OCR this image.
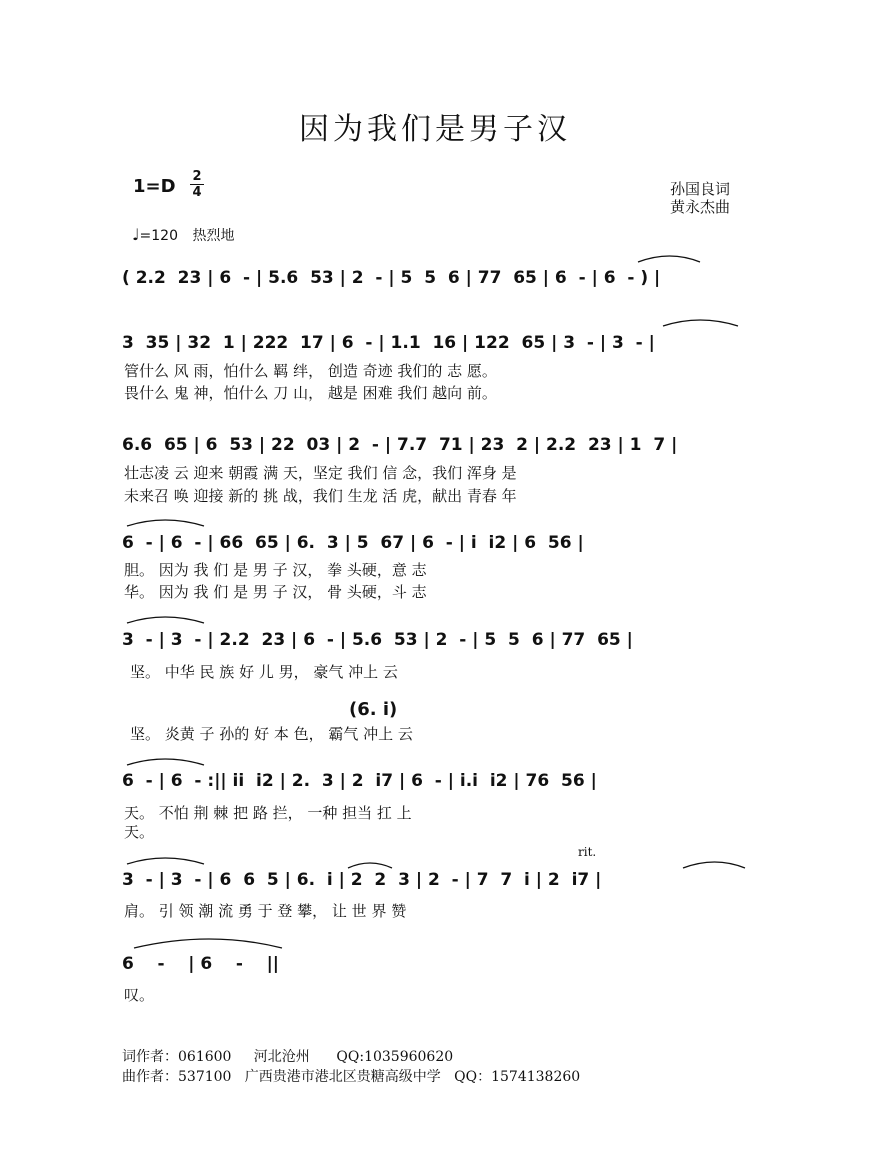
因为我们是男子汉
1=D 2
4	孙国良词
黄永杰曲
♩=120 热烈地
( 2.2  23 | 6  - | 5.6  53 | 2  - | 5  5  6 | 77  65 | 6  - | 6  - ) |
3  35 | 32  1 | 222  17 | 6  - | 1.1  16 | 122  65 | 3  - | 3  - |
管什么 风 雨，怕什么 羁 绊， 创造 奇迹 我们的 志 愿。
畏什么 鬼 神，怕什么 刀 山， 越是 困难 我们 越向 前。
6.6  65 | 6  53 | 22  03 | 2  - | 7.7  71 | 23  2 | 2.2  23 | 1  7 |
壮志凌 云 迎来 朝霞 满 天，坚定 我们 信 念，我们 浑身 是
未来召 唤 迎接 新的 挑 战，我们 生龙 活 虎，献出 青春 年
6  - | 6  - | 66  65 | 6.  3 | 5  67 | 6  - | i  i2 | 6  56 |
胆。 因为 我 们 是 男 子 汉， 拳 头硬，意 志
华。 因为 我 们 是 男 子 汉， 骨 头硬，斗 志
3  - | 3  - | 2.2  23 | 6  - | 5.6  53 | 2  - | 5  5  6 | 77  65 |
坚。 中华 民 族 好 儿 男， 豪气 冲上 云
(6. i)
坚。 炎黄 子 孙的 好 本 色， 霸气 冲上 云
6  - | 6  - :|| ii  i2 | 2.  3 | 2  i7 | 6  - | i.i  i2 | 76  56 |
天。 不怕 荆 棘 把 路 拦， 一种 担当 扛 上
天。
rit.
3  - | 3  - | 6  6  5 | 6.  i | 2  2  3 | 2  - | 7  7  i | 2  i7 |
肩。 引 领 潮 流 勇 于 登 攀， 让 世 界 赞
6    -    | 6    -    ||
叹。
词作者：061600     河北沧州      QQ:1035960620
曲作者：537100   广西贵港市港北区贵糖高级中学   QQ：1574138260
